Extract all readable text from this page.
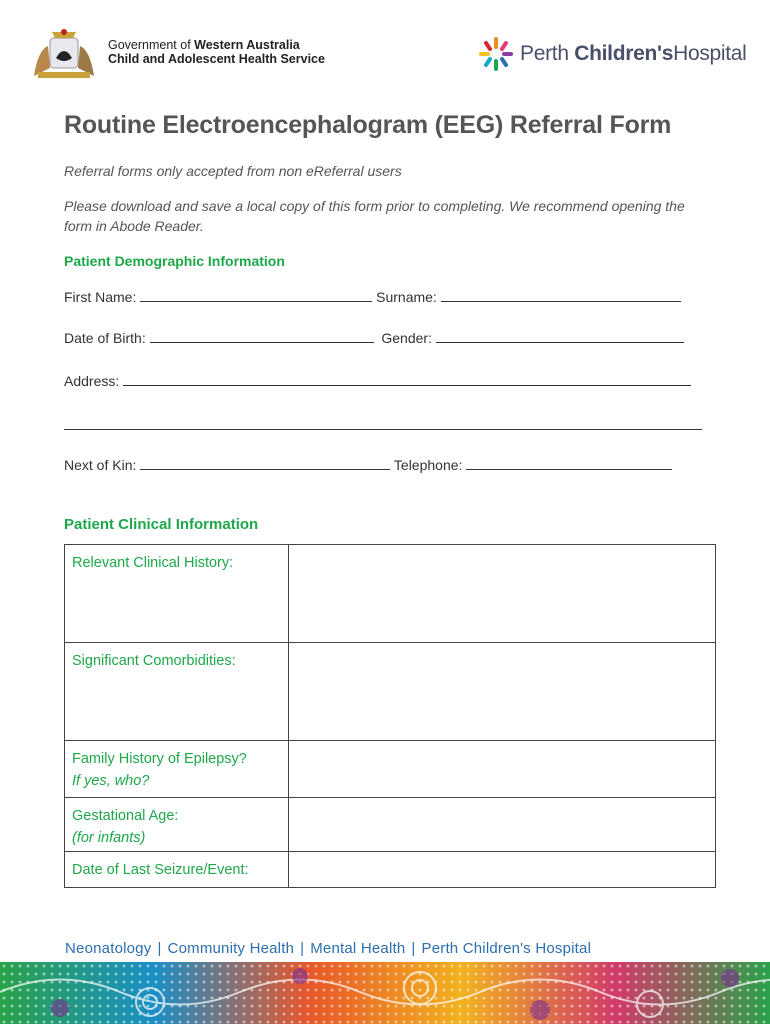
Government of Western Australia
Child and Adolescent Health Service	Perth Children'sHospital
Routine Electroencephalogram (EEG) Referral Form
Referral forms only accepted from non eReferral users
Please download and save a local copy of this form prior to completing. We recommend opening the form in Abode Reader.
Patient Demographic Information
First Name:	Surname:
Date of Birth:	Gender:
Address:
Next of Kin:	Telephone:
Patient Clinical Information
Relevant Clinical History:	
Significant Comorbidities:	
Family History of Epilepsy?
If yes, who?	
Gestational Age:
(for infants)	
Date of Last Seizure/Event:	
Neonatology | Community Health | Mental Health | Perth Children's Hospital
